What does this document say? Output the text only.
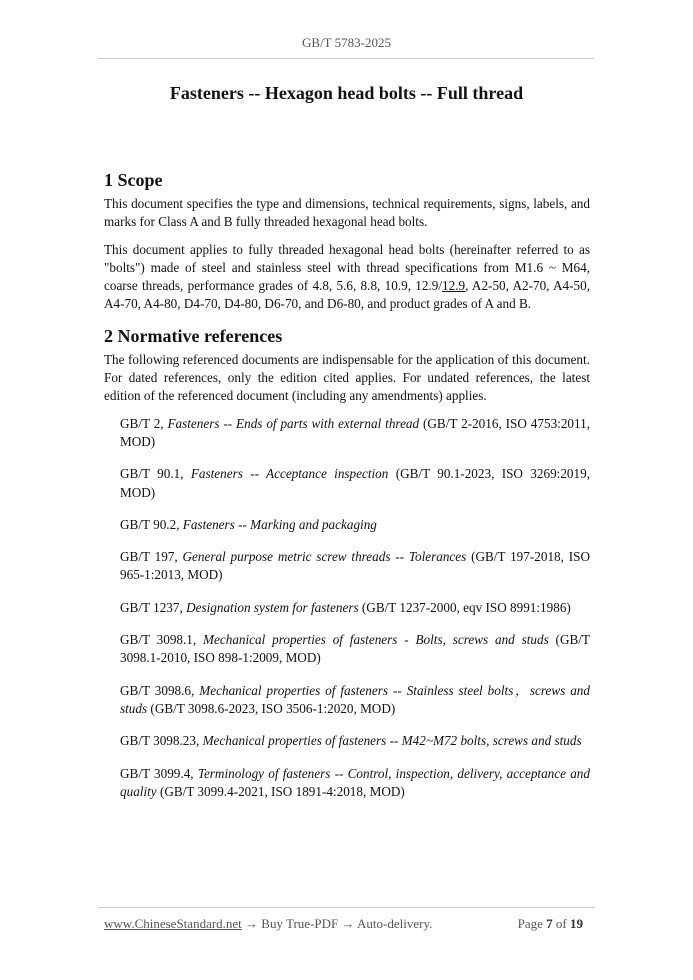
GB/T 5783-2025
Fasteners -- Hexagon head bolts -- Full thread
1 Scope

This document specifies the type and dimensions, technical requirements, signs, labels, and marks for Class A and B fully threaded hexagonal head bolts.

This document applies to fully threaded hexagonal head bolts (hereinafter referred to as "bolts") made of steel and stainless steel with thread specifications from M1.6 ~ M64, coarse threads, performance grades of 4.8, 5.6, 8.8, 10.9, 12.9/12.9, A2-50, A2-70, A4-50, A4-70, A4-80, D4-70, D4-80, D6-70, and D6-80, and product grades of A and B.

2 Normative references

The following referenced documents are indispensable for the application of this document. For dated references, only the edition cited applies. For undated references, the latest edition of the referenced document (including any amendments) applies.

GB/T 2, Fasteners -- Ends of parts with external thread (GB/T 2-2016, ISO 4753:2011, MOD)

GB/T 90.1, Fasteners -- Acceptance inspection (GB/T 90.1-2023, ISO 3269:2019, MOD)

GB/T 90.2, Fasteners -- Marking and packaging

GB/T 197, General purpose metric screw threads -- Tolerances (GB/T 197-2018, ISO 965-1:2013, MOD)

GB/T 1237, Designation system for fasteners (GB/T 1237-2000, eqv ISO 8991:1986)

GB/T 3098.1, Mechanical properties of fasteners - Bolts, screws and studs (GB/T 3098.1-2010, ISO 898-1:2009, MOD)

GB/T 3098.6, Mechanical properties of fasteners -- Stainless steel bolts，screws and studs (GB/T 3098.6-2023, ISO 3506-1:2020, MOD)

GB/T 3098.23, Mechanical properties of fasteners -- M42~M72 bolts, screws and studs

GB/T 3099.4, Terminology of fasteners -- Control, inspection, delivery, acceptance and quality (GB/T 3099.4-2021, ISO 1891-4:2018, MOD)

www.ChineseStandard.net → Buy True-PDF → Auto-delivery.	Page 7 of 19
